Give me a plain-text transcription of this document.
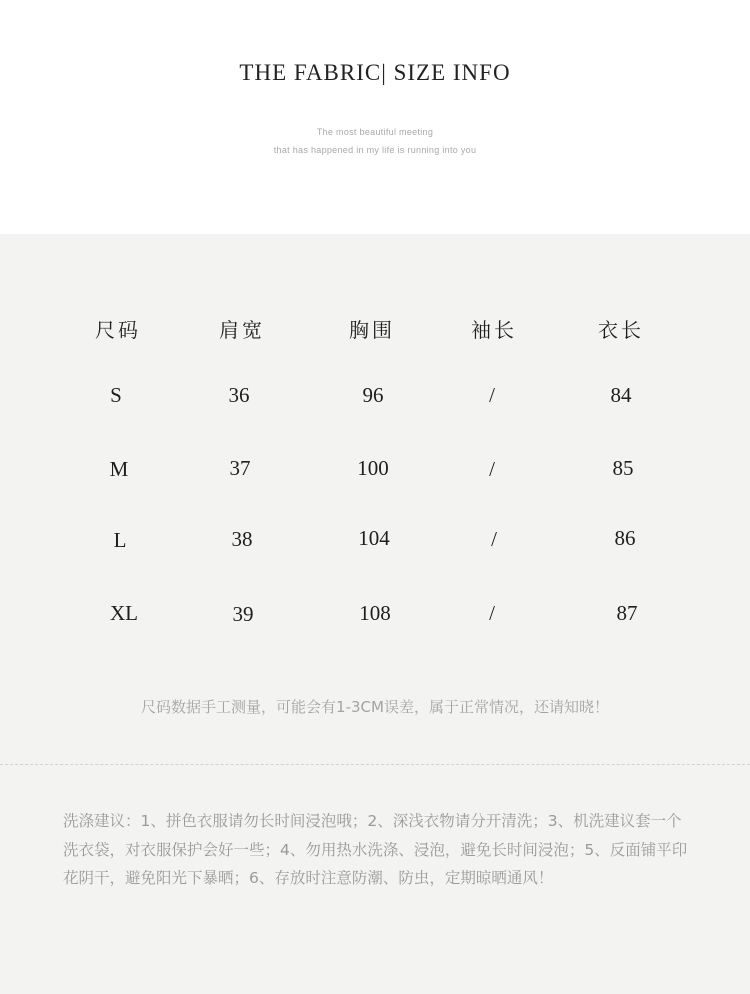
THE FABRIC| SIZE INFO
The most beautiful meeting
that has happened in my life is running into you
尺码	肩宽	胸围	袖长	衣长
S	36	96	/	84
M	37	100	/	85
L	38	104	/	86
XL	39	108	/	87
尺码数据手工测量，可能会有1-3CM误差，属于正常情况，还请知晓！
洗涤建议：1、拼色衣服请勿长时间浸泡哦；2、深浅衣物请分开清洗；3、机洗建议套一个洗衣袋，对衣服保护会好一些；4、勿用热水洗涤、浸泡，避免长时间浸泡；5、反面铺平印花阴干，避免阳光下暴晒；6、存放时注意防潮、防虫，定期晾晒通风！
